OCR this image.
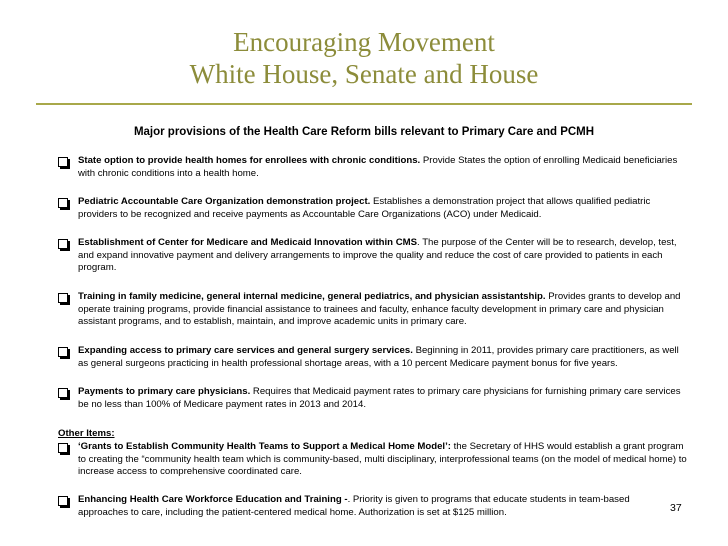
Encouraging Movement
White House, Senate and House
Major provisions of the Health Care Reform bills relevant to Primary Care and PCMH
State option to provide health homes for enrollees with chronic conditions. Provide States the option of enrolling Medicaid beneficiaries with chronic conditions into a health home.
Pediatric Accountable Care Organization demonstration project. Establishes a demonstration project that allows qualified pediatric providers to be recognized and receive payments as Accountable Care Organizations (ACO) under Medicaid.
Establishment of Center for Medicare and Medicaid Innovation within CMS. The purpose of the Center will be to research, develop, test, and expand innovative payment and delivery arrangements to improve the quality and reduce the cost of care provided to patients in each program.
Training in family medicine, general internal medicine, general pediatrics, and physician assistantship. Provides grants to develop and operate training programs, provide financial assistance to trainees and faculty, enhance faculty development in primary care and physician assistant programs, and to establish, maintain, and improve academic units in primary care.
Expanding access to primary care services and general surgery services. Beginning in 2011, provides primary care practitioners, as well as general surgeons practicing in health professional shortage areas, with a 10 percent Medicare payment bonus for five years.
Payments to primary care physicians. Requires that Medicaid payment rates to primary care physicians for furnishing primary care services be no less than 100% of Medicare payment rates in 2013 and 2014.
Other Items:
‘Grants to Establish Community Health Teams to Support a Medical Home Model’: the Secretary of HHS would establish a grant program to creating the “community health team which is community-based, multi disciplinary, interprofessional teams (on the model of medical home) to increase access to comprehensive coordinated care.
Enhancing Health Care Workforce Education and Training -. Priority is given to programs that educate students in team-based approaches to care, including the patient-centered medical home. Authorization is set at $125 million.	37
